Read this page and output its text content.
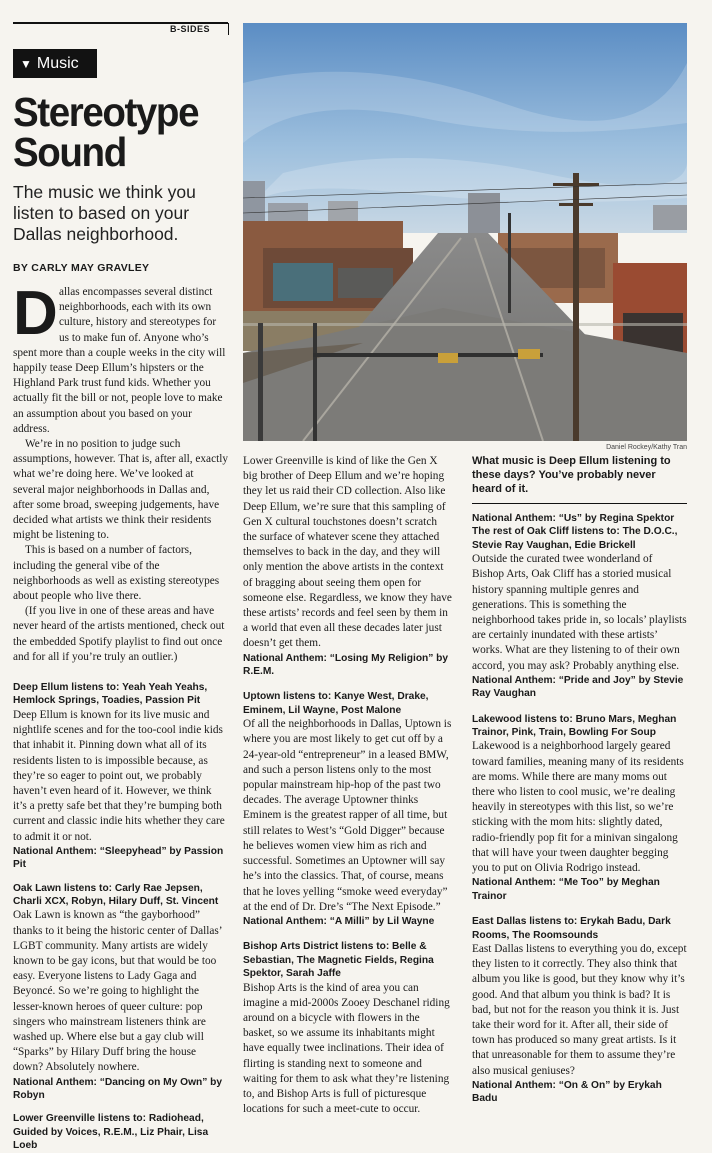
B-SIDES
▼ Music
Stereotype
Sound
The music we think you listen to based on your Dallas neighborhood.
BY CARLY MAY GRAVLEY
D allas encompasses several distinct neighborhoods, each with its own culture, history and stereotypes for us to make fun of. Anyone who’s spent more than a couple weeks in the city will happily tease Deep Ellum’s hipsters or the Highland Park trust fund kids. Whether you actually fit the bill or not, people love to make an assumption about you based on your address.

We’re in no position to judge such assumptions, however. That is, after all, exactly what we’re doing here. We’ve looked at several major neighborhoods in Dallas and, after some broad, sweeping judgements, have decided what artists we think their residents might be listening to.

This is based on a number of factors, including the general vibe of the neighborhoods as well as existing stereotypes about people who live there.

(If you live in one of these areas and have never heard of the artists mentioned, check out the embedded Spotify playlist to find out once and for all if you’re truly an outlier.)

Deep Ellum listens to: Yeah Yeah Yeahs, Hemlock Springs, Toadies, Passion Pit

Deep Ellum is known for its live music and nightlife scenes and for the too-cool indie kids that inhabit it. Pinning down what all of its residents listen to is impossible because, as they’re so eager to point out, we probably haven’t even heard of it. However, we think it’s a pretty safe bet that they’re bumping both current and classic indie hits whether they care to admit it or not.

National Anthem: “Sleepyhead” by Passion Pit
Oak Lawn listens to: Carly Rae Jepsen, Charli XCX, Robyn, Hilary Duff, St. Vincent

Oak Lawn is known as “the gayborhood” thanks to it being the historic center of Dallas’ LGBT community. Many artists are widely known to be gay icons, but that would be too easy. Everyone listens to Lady Gaga and Beyoncé. So we’re going to highlight the lesser-known heroes of queer culture: pop singers who mainstream listeners think are washed up. Where else but a gay club will “Sparks” by Hilary Duff bring the house down? Absolutely nowhere.

National Anthem: “Dancing on My Own” by Robyn
Lower Greenville listens to: Radiohead, Guided by Voices, R.E.M., Liz Phair, Lisa Loeb
Daniel Rockey/Kathy Tran

Lower Greenville is kind of like the Gen X big brother of Deep Ellum and we’re hoping they let us raid their CD collection. Also like Deep Ellum, we’re sure that this sampling of Gen X cultural touchstones doesn’t scratch the surface of whatever scene they attached themselves to back in the day, and they will only mention the above artists in the context of bragging about seeing them open for someone else. Regardless, we know they have these artists’ records and feel seen by them in a world that even all these decades later just doesn’t get them.

National Anthem: “Losing My Religion” by R.E.M.
Uptown listens to: Kanye West, Drake, Eminem, Lil Wayne, Post Malone

Of all the neighborhoods in Dallas, Uptown is where you are most likely to get cut off by a 24-year-old “entrepreneur” in a leased BMW, and such a person listens only to the most popular mainstream hip-hop of the past two decades. The average Uptowner thinks Eminem is the greatest rapper of all time, but still relates to West’s “Gold Digger” because he believes women view him as rich and successful. Sometimes an Uptowner will say he’s into the classics. That, of course, means that he loves yelling “smoke weed everyday” at the end of Dr. Dre’s “The Next Episode.”

National Anthem: “A Milli” by Lil Wayne
Bishop Arts District listens to: Belle & Sebastian, The Magnetic Fields, Regina Spektor, Sarah Jaffe

Bishop Arts is the kind of area you can imagine a mid-2000s Zooey Deschanel riding around on a bicycle with flowers in the basket, so we assume its inhabitants might have equally twee inclinations. Their idea of flirting is standing next to someone and waiting for them to ask what they’re listening to, and Bishop Arts is full of picturesque locations for such a meet-cute to occur.

What music is Deep Ellum listening to these days? You’ve probably never heard of it.
National Anthem: “Us” by Regina Spektor
The rest of Oak Cliff listens to: The D.O.C., Stevie Ray Vaughan, Edie Brickell

Outside the curated twee wonderland of Bishop Arts, Oak Cliff has a storied musical history spanning multiple genres and generations. This is something the neighborhood takes pride in, so locals’ playlists are certainly inundated with these artists’ works. What are they listening to of their own accord, you may ask? Probably anything else.

National Anthem: “Pride and Joy” by Stevie Ray Vaughan
Lakewood listens to: Bruno Mars, Meghan Trainor, Pink, Train, Bowling For Soup

Lakewood is a neighborhood largely geared toward families, meaning many of its residents are moms. While there are many moms out there who listen to cool music, we’re dealing heavily in stereotypes with this list, so we’re sticking with the mom hits: slightly dated, radio-friendly pop fit for a minivan singalong that will have your tween daughter begging you to put on Olivia Rodrigo instead.

National Anthem: “Me Too” by Meghan Trainor
East Dallas listens to: Erykah Badu, Dark Rooms, The Roomsounds

East Dallas listens to everything you do, except they listen to it correctly. They also think that album you like is good, but they know why it’s good. And that album you think is bad? It is bad, but not for the reason you think it is. Just take their word for it. After all, their side of town has produced so many great artists. Is it that unreasonable for them to assume they’re also musical geniuses?

National Anthem: “On & On” by Erykah Badu
